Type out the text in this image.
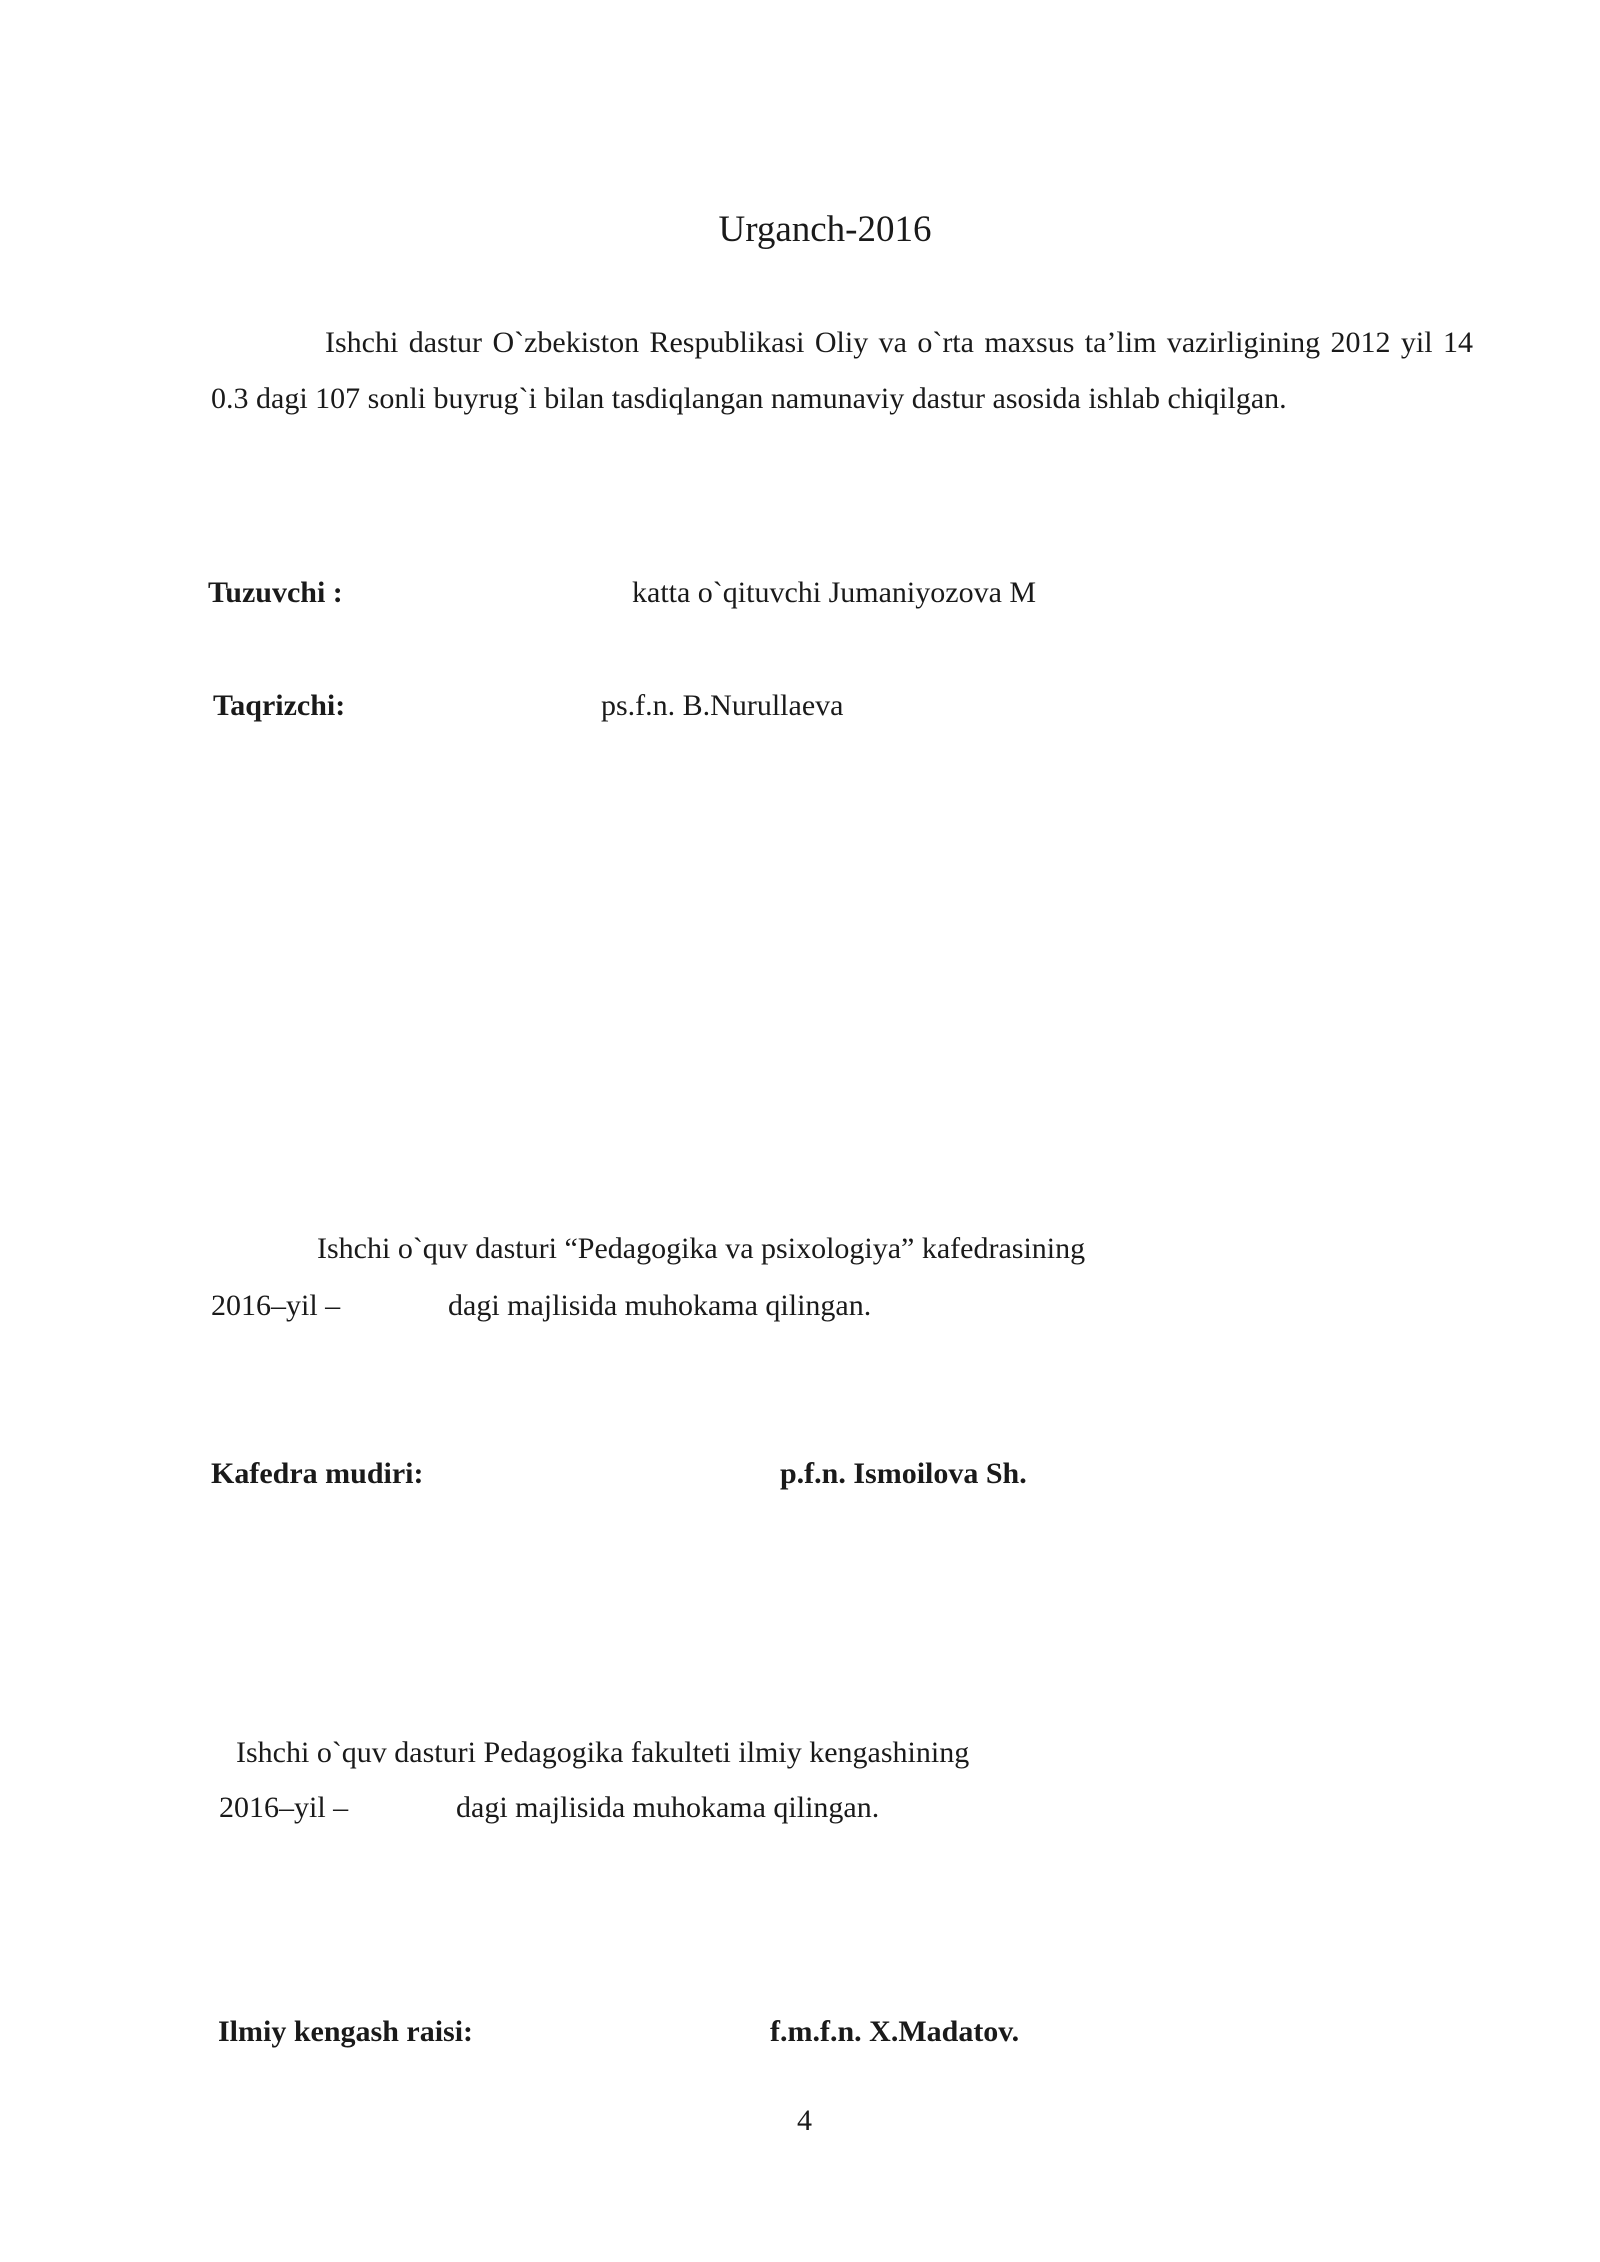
Urganch-2016
Ishchi dastur O`zbekiston Respublikasi Oliy va o`rta maxsus ta’lim vazirligining 2012 yil 14 0.3 dagi 107 sonli buyrug`i bilan tasdiqlangan namunaviy dastur asosida ishlab chiqilgan.
Tuzuvchi :	katta o`qituvchi Jumaniyozova M
Taqrizchi:	ps.f.n. B.Nurullaeva
Ishchi o`quv dasturi “Pedagogika va psixologiya” kafedrasining
2016–yil –	dagi majlisida muhokama qilingan.
Kafedra mudiri:	p.f.n. Ismoilova Sh.
Ishchi o`quv dasturi Pedagogika fakulteti ilmiy kengashining
2016–yil –	dagi majlisida muhokama qilingan.
Ilmiy kengash raisi:	f.m.f.n. X.Madatov.
4
